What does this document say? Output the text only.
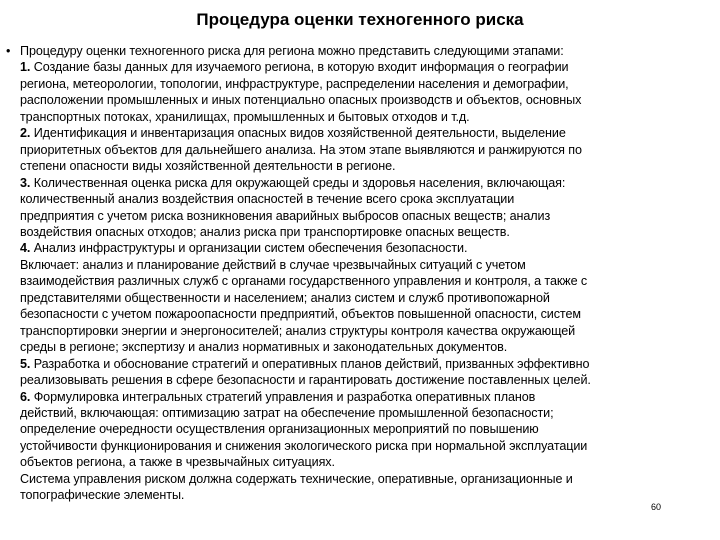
Процедура оценки техногенного риска
• Процедуру оценки техногенного риска для региона можно представить следующими этапами:
1. Создание базы данных для изучаемого региона, в которую входит информация о географии
региона, метеорологии, топологии, инфраструктуре, распределении населения и демографии,
расположении промышленных и иных потенциально опасных производств и объектов, основных
транспортных потоках, хранилищах, промышленных и бытовых отходов и т.д.
2. Идентификация и инвентаризация опасных видов хозяйственной деятельности, выделение
приоритетных объектов для дальнейшего анализа. На этом этапе выявляются и ранжируются по
степени опасности виды хозяйственной деятельности в регионе.
3. Количественная оценка риска для окружающей среды и здоровья населения, включающая:
количественный анализ воздействия опасностей в течение всего срока эксплуатации
предприятия с учетом риска возникновения аварийных выбросов опасных веществ; анализ
воздействия опасных отходов; анализ риска при транспортировке опасных веществ.
4. Анализ инфраструктуры и организации систем обеспечения безопасности.
Включает: анализ и планирование действий в случае чрезвычайных ситуаций с учетом
взаимодействия различных служб с органами государственного управления и контроля, а также с
представителями общественности и населением; анализ систем и служб противопожарной
безопасности с учетом пожароопасности предприятий, объектов повышенной опасности, систем
транспортировки энергии и энергоносителей; анализ структуры контроля качества окружающей
среды в регионе; экспертизу и анализ нормативных и законодательных документов.
5. Разработка и обоснование стратегий и оперативных планов действий, призванных эффективно
реализовывать решения в сфере безопасности и гарантировать достижение поставленных целей.
6. Формулировка интегральных стратегий управления и разработка оперативных планов
действий, включающая: оптимизацию затрат на обеспечение промышленной безопасности;
определение очередности осуществления организационных мероприятий по повышению
устойчивости функционирования и снижения экологического риска при нормальной эксплуатации
объектов региона, а также в чрезвычайных ситуациях.
Система управления риском должна содержать технические, оперативные, организационные и
топографические элементы.
60
